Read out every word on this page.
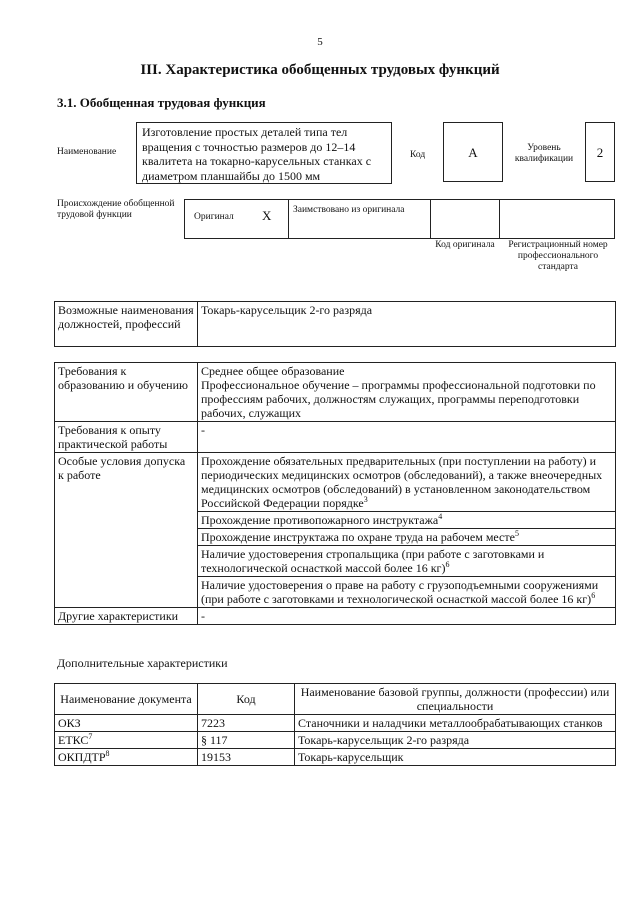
5
III. Характеристика обобщенных трудовых функций
3.1. Обобщенная трудовая функция
Наименование
Изготовление простых деталей типа тел вращения с точностью размеров до 12–14 квалитета на токарно-карусельных станках с диаметром планшайбы до 1500 мм
Код	A	Уровень квалификации	2
Происхождение обобщенной трудовой функции	Оригинал X Заимствовано из оригинала
Код оригинала	Регистрационный номер профессионального стандарта
Возможные наименования должностей, профессий	Токарь-карусельщик 2-го разряда
Требования к образованию и обучению	Среднее общее образование
Профессиональное обучение – программы профессиональной подготовки по профессиям рабочих, должностям служащих, программы переподготовки рабочих, служащих

Требования к опыту практической работы	-
Особые условия допуска к работе	Прохождение обязательных предварительных (при поступлении на работу) и периодических медицинских осмотров (обследований), а также внеочередных медицинских осмотров (обследований) в установленном законодательством Российской Федерации порядке$^3$
	Прохождение противопожарного инструктажа$^4$
	Прохождение инструктажа по охране труда на рабочем месте$^5$
	Наличие удостоверения стропальщика (при работе с заготовками и технологической оснасткой массой более 16 кг)$^6$
	Наличие удостоверения о праве на работу с грузоподъемными сооружениями (при работе с заготовками и технологической оснасткой массой более 16 кг)$^6$
Другие характеристики	-
Дополнительные характеристики
Наименование документа	Код	Наименование базовой группы, должности (профессии) или специальности
ОКЗ	7223	Станочники и наладчики металлообрабатывающих станков
ЕТКС$^7$	§ 117	Токарь-карусельщик 2-го разряда
ОКПДТР$^8$	19153	Токарь-карусельщик
